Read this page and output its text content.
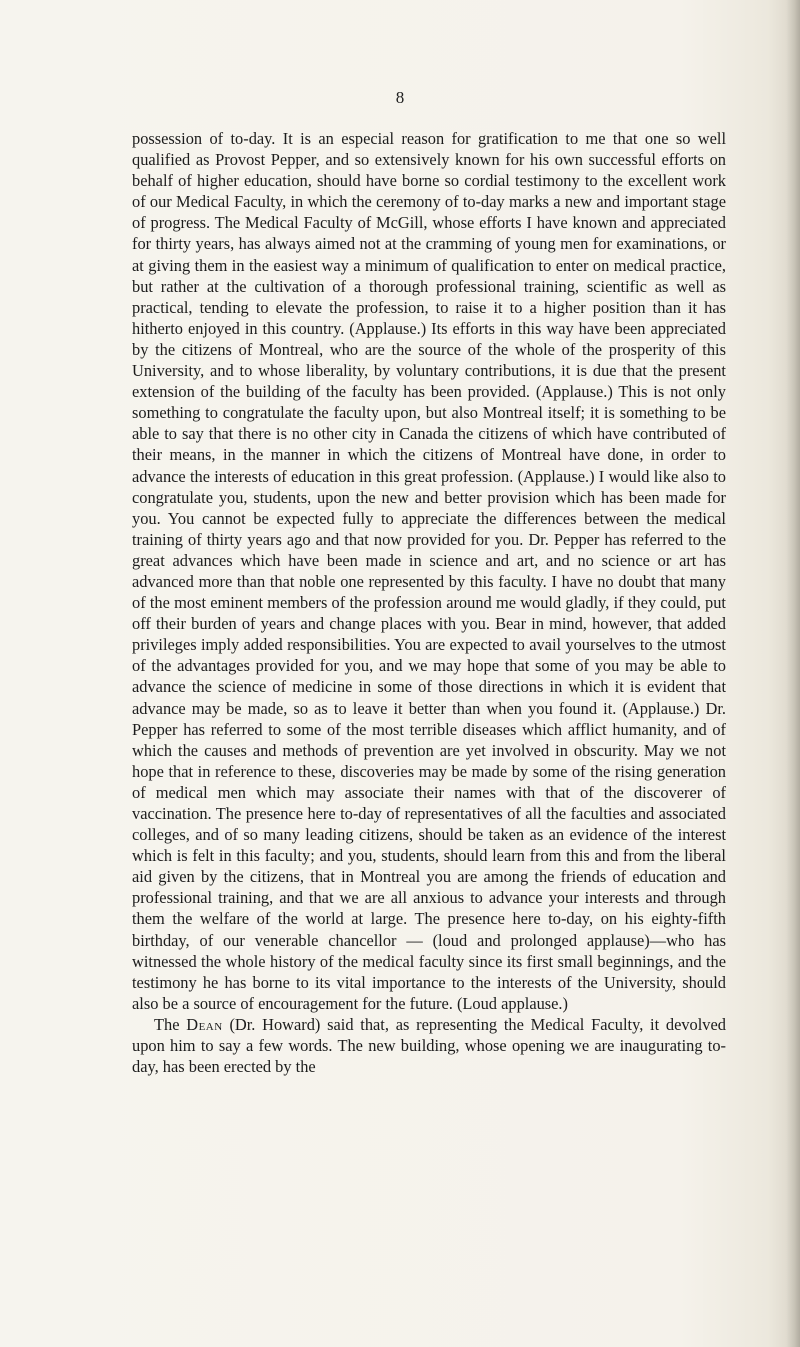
8

possession of to-day. It is an especial reason for gratification to me that one so well qualified as Provost Pepper, and so extensively known for his own successful efforts on behalf of higher education, should have borne so cordial testimony to the excellent work of our Medical Faculty, in which the ceremony of to-day marks a new and important stage of progress. The Medical Faculty of McGill, whose efforts I have known and appreciated for thirty years, has always aimed not at the cramming of young men for examinations, or at giving them in the easiest way a minimum of qualification to enter on medical practice, but rather at the cultivation of a thorough professional training, scientific as well as practical, tending to elevate the profession, to raise it to a higher position than it has hitherto enjoyed in this country. (Applause.) Its efforts in this way have been appreciated by the citizens of Montreal, who are the source of the whole of the prosperity of this University, and to whose liberality, by voluntary contributions, it is due that the present extension of the building of the faculty has been provided. (Applause.) This is not only something to congratulate the faculty upon, but also Montreal itself; it is something to be able to say that there is no other city in Canada the citizens of which have contributed of their means, in the manner in which the citizens of Montreal have done, in order to advance the interests of education in this great profession. (Applause.) I would like also to congratulate you, students, upon the new and better provision which has been made for you. You cannot be expected fully to appreciate the differences between the medical training of thirty years ago and that now provided for you. Dr. Pepper has referred to the great advances which have been made in science and art, and no science or art has advanced more than that noble one represented by this faculty. I have no doubt that many of the most eminent members of the profession around me would gladly, if they could, put off their burden of years and change places with you. Bear in mind, however, that added privileges imply added responsibilities. You are expected to avail yourselves to the utmost of the advantages provided for you, and we may hope that some of you may be able to advance the science of medicine in some of those directions in which it is evident that advance may be made, so as to leave it better than when you found it. (Applause.) Dr. Pepper has referred to some of the most terrible diseases which afflict humanity, and of which the causes and methods of prevention are yet involved in obscurity. May we not hope that in reference to these, discoveries may be made by some of the rising generation of medical men which may associate their names with that of the discoverer of vaccination. The presence here to-day of representatives of all the faculties and associated colleges, and of so many leading citizens, should be taken as an evidence of the interest which is felt in this faculty; and you, students, should learn from this and from the liberal aid given by the citizens, that in Montreal you are among the friends of education and professional training, and that we are all anxious to advance your interests and through them the welfare of the world at large. The presence here to-day, on his eighty-fifth birthday, of our venerable chancellor — (loud and prolonged applause)—who has witnessed the whole history of the medical faculty since its first small beginnings, and the testimony he has borne to its vital importance to the interests of the University, should also be a source of encouragement for the future. (Loud applause.)

The Dean (Dr. Howard) said that, as representing the Medical Faculty, it devolved upon him to say a few words. The new building, whose opening we are inaugurating to-day, has been erected by the
